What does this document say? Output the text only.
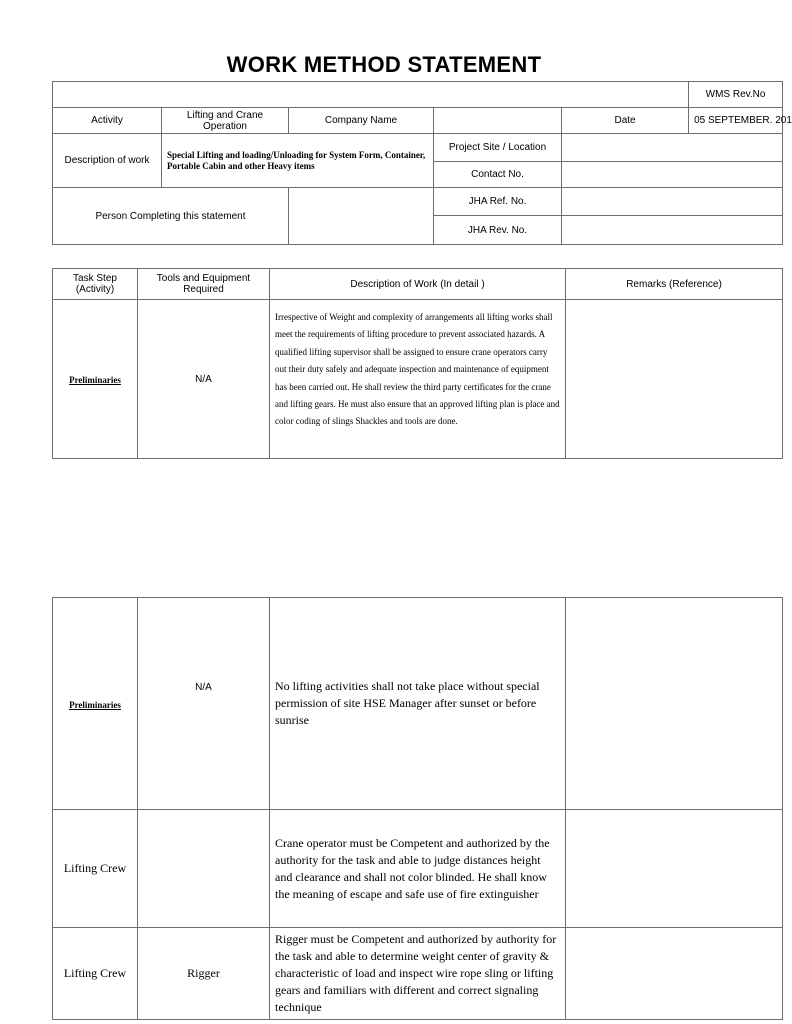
WORK METHOD STATEMENT
					WMS Rev.No	
Activity	Lifting and Crane Operation	Company Name		Date	05 SEPTEMBER. 201	
Description of work	Special Lifting and loading/Unloading for System Form, Container, Portable Cabin and other Heavy items		Project Site / Location			
			Contact No.			
Person Completing this statement			JHA Ref. No.			
			JHA Rev. No.			
Task Step (Activity)	Tools and Equipment Required	Description of Work (In detail )	Remarks (Reference)
Preliminaries	N/A	Irrespective of Weight and complexity of arrangements all lifting works shall meet the requirements of lifting procedure to prevent associated hazards. A qualified lifting supervisor shall be assigned to ensure crane operators carry out their duty safely and adequate inspection and maintenance of equipment has been carried out. He shall review the third party certificates for the crane and lifting gears. He must also ensure that an approved lifting plan is place and color coding of slings Shackles and tools are done.	
Preliminaries	N/A	No lifting activities shall not take place without special permission of site HSE Manager after sunset or before sunrise	
Lifting Crew		Crane operator must be Competent and authorized by the authority for the task and able to judge distances height and clearance and shall not color blinded. He shall know the meaning of escape and safe use of fire extinguisher	
Lifting Crew	Rigger	Rigger must be Competent and authorized by authority for the task and able to determine weight center of gravity & characteristic of load and inspect wire rope sling or lifting gears and familiars with different and correct signaling technique	
